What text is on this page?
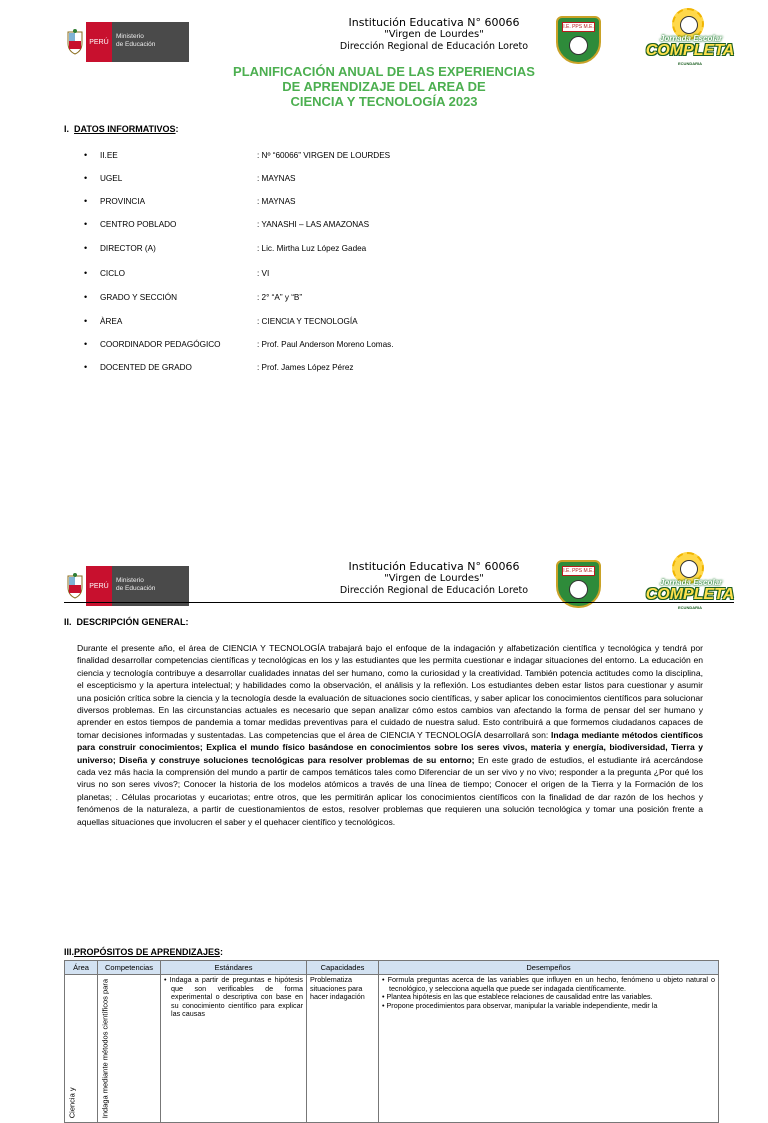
PERÚ
Ministerio
de Educación
Institución Educativa N° 60066
"Virgen de Lourdes"
Dirección Regional de Educación Loreto
I.E. PPS M.E.
Jornada Escolar
COMPLETA
ECUNDARIA
PLANIFICACIÓN ANUAL DE LAS EXPERIENCIAS
DE APRENDIZAJE DEL AREA DE
CIENCIA Y TECNOLOGÍA 2023
I. DATOS INFORMATIVOS:
•	II.EE	: Nº “60066” VIRGEN DE LOURDES
•	UGEL	: MAYNAS
•	PROVINCIA	: MAYNAS
•	CENTRO POBLADO	: YANASHI – LAS AMAZONAS
•	DIRECTOR (A)	: Lic. Mirtha Luz López Gadea
•	CICLO	: VI
•	GRADO Y SECCIÓN	: 2° “A” y “B”
•	ÀREA	: CIENCIA Y TECNOLOGÍA
•	COORDINADOR PEDAGÓGICO	: Prof. Paul Anderson Moreno Lomas.
•	DOCENTED DE GRADO	: Prof. James López Pérez
PERÚ
Ministerio
de Educación
Institución Educativa N° 60066
"Virgen de Lourdes"
Dirección Regional de Educación Loreto
I.E. PPS M.E.
Jornada Escolar
COMPLETA
ECUNDARIA
II. DESCRIPCIÓN GENERAL:
Durante el presente año, el área de CIENCIA Y TECNOLOGÍA trabajará bajo el enfoque de la indagación y alfabetización científica y tecnológica y tendrá por finalidad desarrollar competencias científicas y tecnológicas en los y las estudiantes que les permita cuestionar e indagar situaciones del entorno. La educación en ciencia y tecnología contribuye a desarrollar cualidades innatas del ser humano, como la curiosidad y la creatividad. También potencia actitudes como la disciplina, el escepticismo y la apertura intelectual; y habilidades como la observación, el análisis y la reflexión. Los estudiantes deben estar listos para cuestionar y asumir una posición crítica sobre la ciencia y la tecnología desde la evaluación de situaciones socio científicas, y saber aplicar los conocimientos científicos para solucionar diversos problemas. En las circunstancias actuales es necesario que sepan analizar cómo estos cambios van afectando la forma de pensar del ser humano y aprender en estos tiempos de pandemia a tomar medidas preventivas para el cuidado de nuestra salud. Esto contribuirá a que formemos ciudadanos capaces de tomar decisiones informadas y sustentadas. Las competencias que el área de CIENCIA Y TECNOLOGÍA desarrollará son: Indaga mediante métodos científicos para construir conocimientos; Explica el mundo físico basándose en conocimientos sobre los seres vivos, materia y energía, biodiversidad, Tierra y universo; Diseña y construye soluciones tecnológicas para resolver problemas de su entorno; En este grado de estudios, el estudiante irá acercándose cada vez más hacia la comprensión del mundo a partir de campos temáticos tales como Diferenciar de un ser vivo y no vivo; responder a la pregunta ¿Por qué los virus no son seres vivos?; Conocer la historia de los modelos atómicos a través de una línea de tiempo; Conocer el origen de la Tierra y la Formación de los planetas; . Células procariotas y eucariotas; entre otros, que les permitirán aplicar los conocimientos científicos con la finalidad de dar razón de los hechos y fenómenos de la naturaleza, a partir de cuestionamientos de estos, resolver problemas que requieren una solución tecnológica y tomar una posición frente a aquellas situaciones que involucren el saber y el quehacer científico y tecnológicos.
III.PROPÓSITOS DE APRENDIZAJES:
Área	Competencias	Estándares	Capacidades	Desempeños
Ciencia y	Indaga mediante métodos científicos para	• Indaga a partir de preguntas e hipótesis que son verificables de forma experimental o descriptiva con base en su conocimiento científico para explicar las causas	Problematiza situaciones para hacer indagación	• Formula preguntas acerca de las variables que influyen en un hecho, fenómeno u objeto natural o tecnológico, y selecciona aquella que puede ser indagada científicamente.
• Plantea hipótesis en las que establece relaciones de causalidad entre las variables.
• Propone procedimientos para observar, manipular la variable independiente, medir la
